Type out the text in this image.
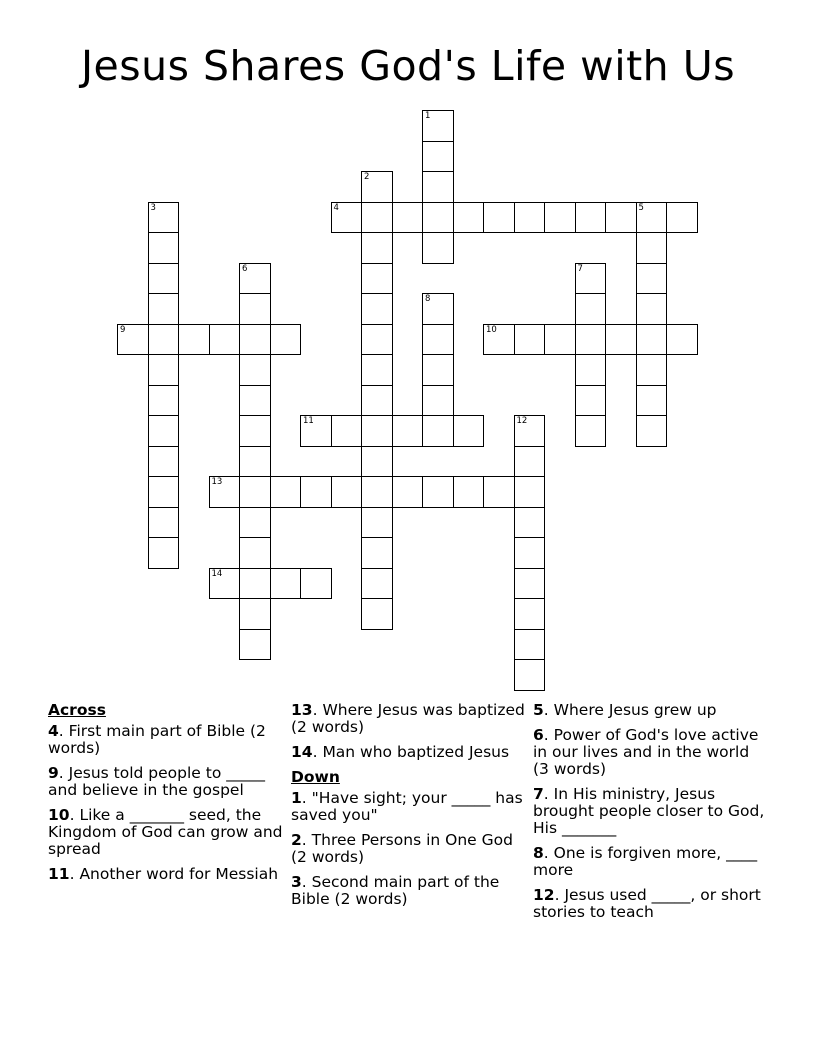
Jesus Shares God's Life with Us
1
2
3	4	5
6	7
8
9	10
11	12
13
14
Across
4. First main part of Bible (2 words)
9. Jesus told people to _____ and believe in the gospel
10. Like a _______ seed, the Kingdom of God can grow and spread
11. Another word for Messiah
13. Where Jesus was baptized (2 words)
14. Man who baptized Jesus
Down
1. "Have sight; your _____ has saved you"
2. Three Persons in One God (2 words)
3. Second main part of the Bible (2 words)
5. Where Jesus grew up
6. Power of God's love active in our lives and in the world (3 words)
7. In His ministry, Jesus brought people closer to God, His _______
8. One is forgiven more, ____ more
12. Jesus used _____, or short stories to teach
